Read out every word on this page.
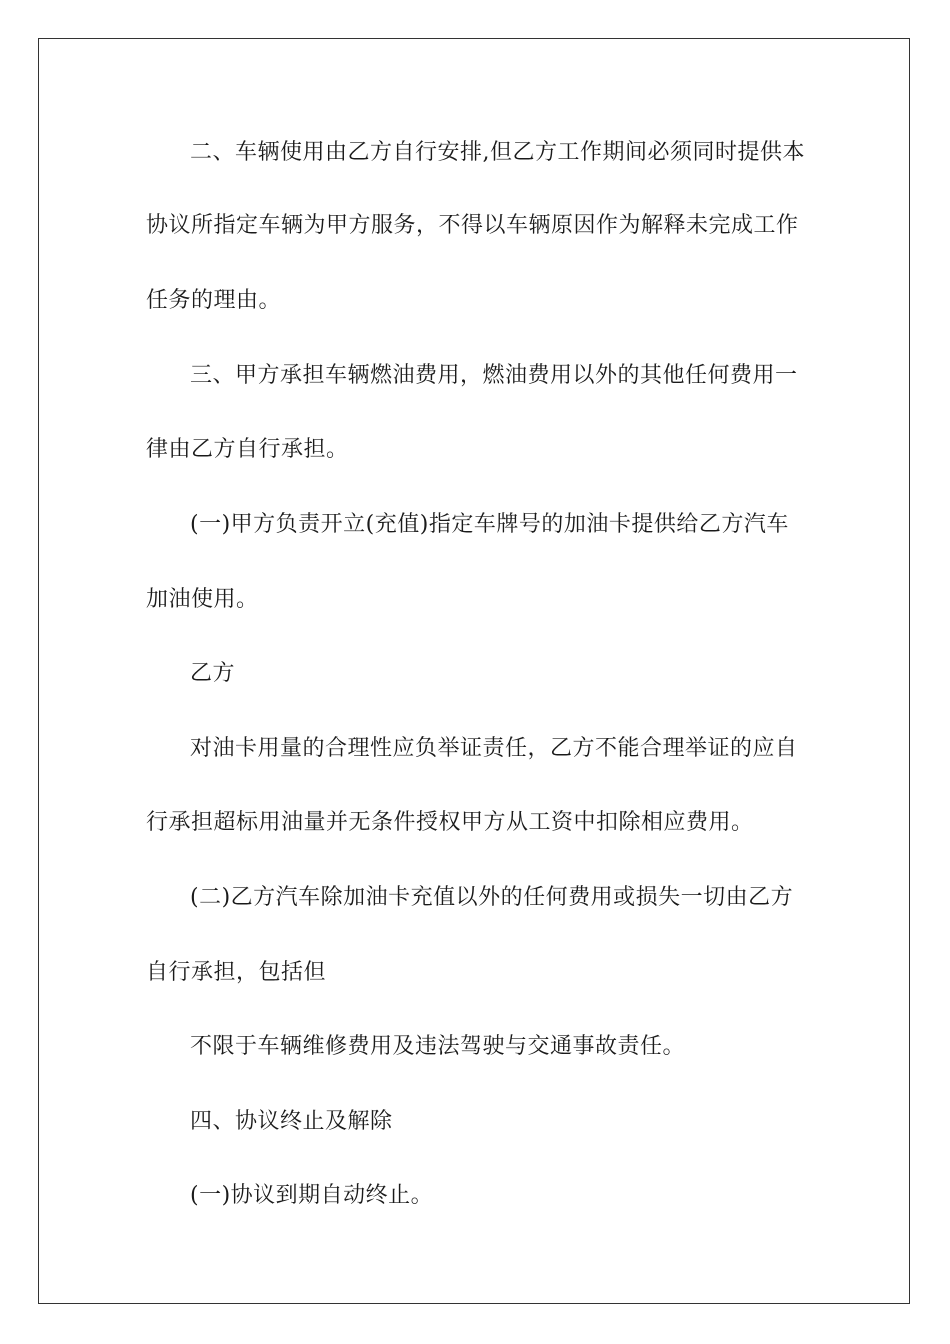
二、车辆使用由乙方自行安排,但乙方工作期间必须同时提供本
协议所指定车辆为甲方服务，不得以车辆原因作为解释未完成工作
任务的理由。
三、甲方承担车辆燃油费用，燃油费用以外的其他任何费用一
律由乙方自行承担。
(一)甲方负责开立(充值)指定车牌号的加油卡提供给乙方汽车
加油使用。
乙方
对油卡用量的合理性应负举证责任，乙方不能合理举证的应自
行承担超标用油量并无条件授权甲方从工资中扣除相应费用。
(二)乙方汽车除加油卡充值以外的任何费用或损失一切由乙方
自行承担，包括但
不限于车辆维修费用及违法驾驶与交通事故责任。
四、协议终止及解除
(一)协议到期自动终止。
